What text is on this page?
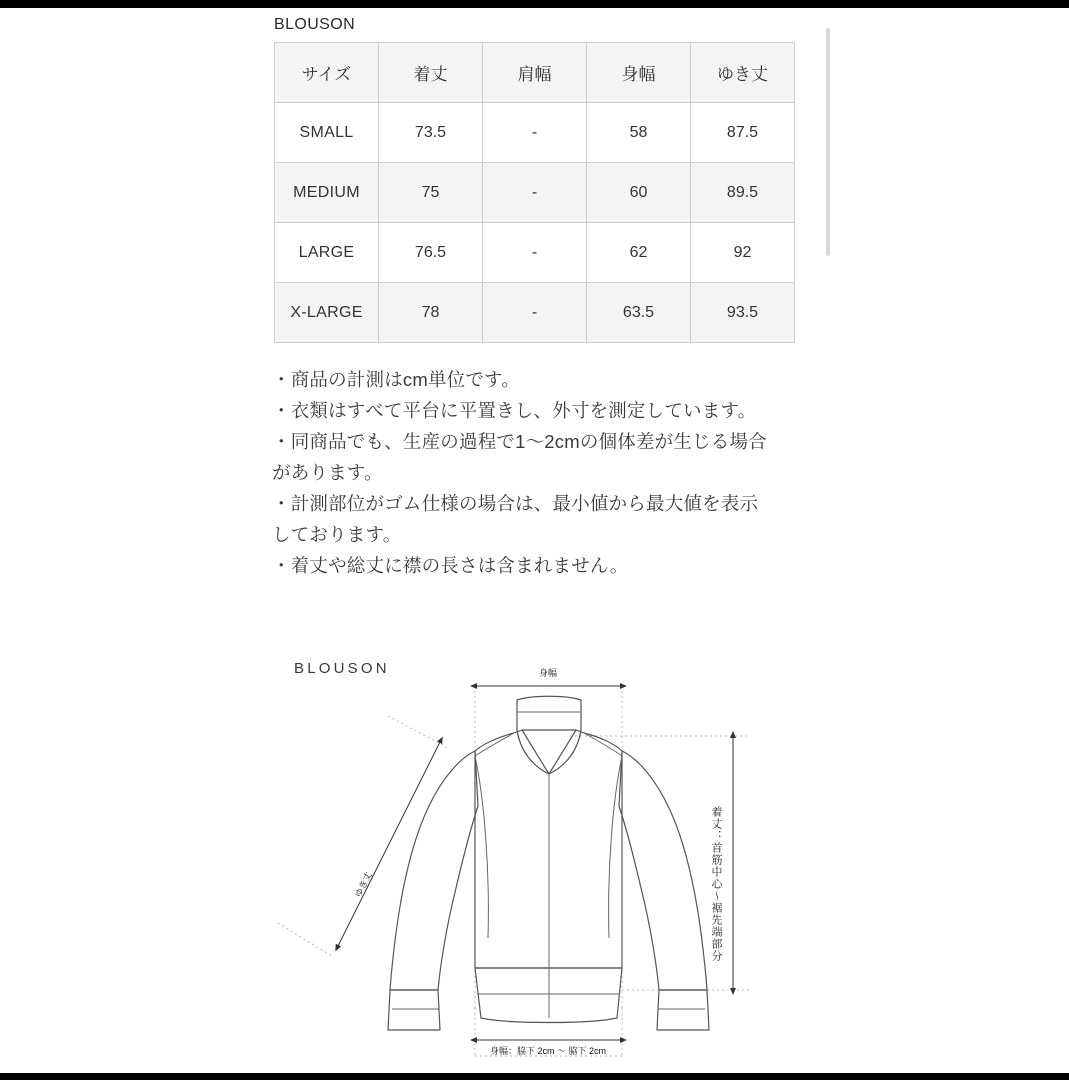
BLOUSON
サイズ	着丈	肩幅	身幅	ゆき丈
SMALL	73.5	-	58	87.5
MEDIUM	75	-	60	89.5
LARGE	76.5	-	62	92
X-LARGE	78	-	63.5	93.5

・商品の計測はcm単位です。

・衣類はすべて平台に平置きし、外寸を測定しています。

・同商品でも、生産の過程で1〜2cmの個体差が生じる場合

があります。

・計測部位がゴム仕様の場合は、最小値から最大値を表示

しております。

・着丈や総丈に襟の長さは含まれません。

BLOUSON	身幅
身幅：脇下 2cm 〜 脇下 2cm
ゆき丈	着丈：首筋中心〜裾先端部分
